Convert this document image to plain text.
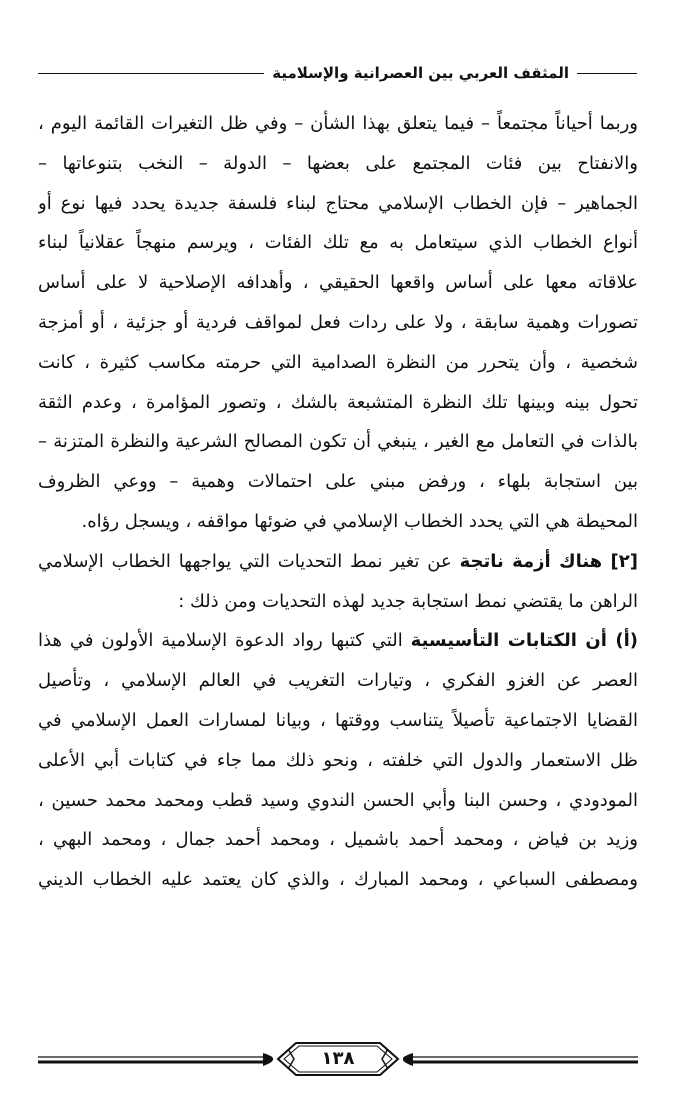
المثقف العربي بين العصرانية والإسلامية
وربما أحياناً مجتمعاً – فيما يتعلق بهذا الشأن – وفي ظل التغيرات القائمة اليوم ،
والانفتاح بين فئات المجتمع على بعضها – الدولة – النخب بتنوعاتها –
الجماهير – فإن الخطاب الإسلامي محتاج لبناء فلسفة جديدة يحدد فيها نوع أو
أنواع الخطاب الذي سيتعامل به مع تلك الفئات ، ويرسم منهجاً عقلانياً لبناء
علاقاته معها على أساس واقعها الحقيقي ، وأهدافه الإصلاحية لا على أساس
تصورات وهمية سابقة ، ولا على ردات فعل لمواقف فردية أو جزئية ، أو أمزجة
شخصية ، وأن يتحرر من النظرة الصدامية التي حرمته مكاسب كثيرة ، كانت
تحول بينه وبينها تلك النظرة المتشبعة بالشك ، وتصور المؤامرة ، وعدم الثقة
بالذات في التعامل مع الغير ، ينبغي أن تكون المصالح الشرعية والنظرة المتزنة –
بين استجابة بلهاء ، ورفض مبني على احتمالات وهمية – ووعي الظروف
المحيطة هي التي يحدد الخطاب الإسلامي في ضوئها مواقفه ، ويسجل رؤاه.
[٢] هناك أزمة ناتجة عن تغير نمط التحديات التي يواجهها الخطاب الإسلامي
الراهن ما يقتضي نمط استجابة جديد لهذه التحديات ومن ذلك :
(أ) أن الكتابات التأسيسية التي كتبها رواد الدعوة الإسلامية الأولون في هذا
العصر عن الغزو الفكري ، وتيارات التغريب في العالم الإسلامي ، وتأصيل
القضايا الاجتماعية تأصيلاً يتناسب ووقتها ، وبيانا لمسارات العمل الإسلامي في
ظل الاستعمار والدول التي خلفته ، ونحو ذلك مما جاء في كتابات أبي الأعلى
المودودي ، وحسن البنا وأبي الحسن الندوي وسيد قطب ومحمد محمد حسين ،
وزيد بن فياض ، ومحمد أحمد باشميل ، ومحمد أحمد جمال ، ومحمد البهي ،
ومصطفى السباعي ، ومحمد المبارك ، والذي كان يعتمد عليه الخطاب الديني
١٣٨
